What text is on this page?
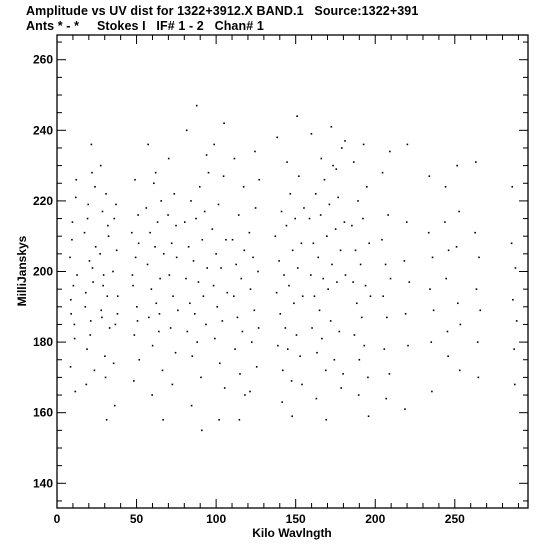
Amplitude vs UV dist for 1322+3912.X BAND.1   Source:1322+391
Ants * - *     Stokes I   IF# 1 - 2   Chan# 1
0	50	100	150	200	250
140
160
180
200
220
240
260
Kilo Wavlngth
MilliJanskys
